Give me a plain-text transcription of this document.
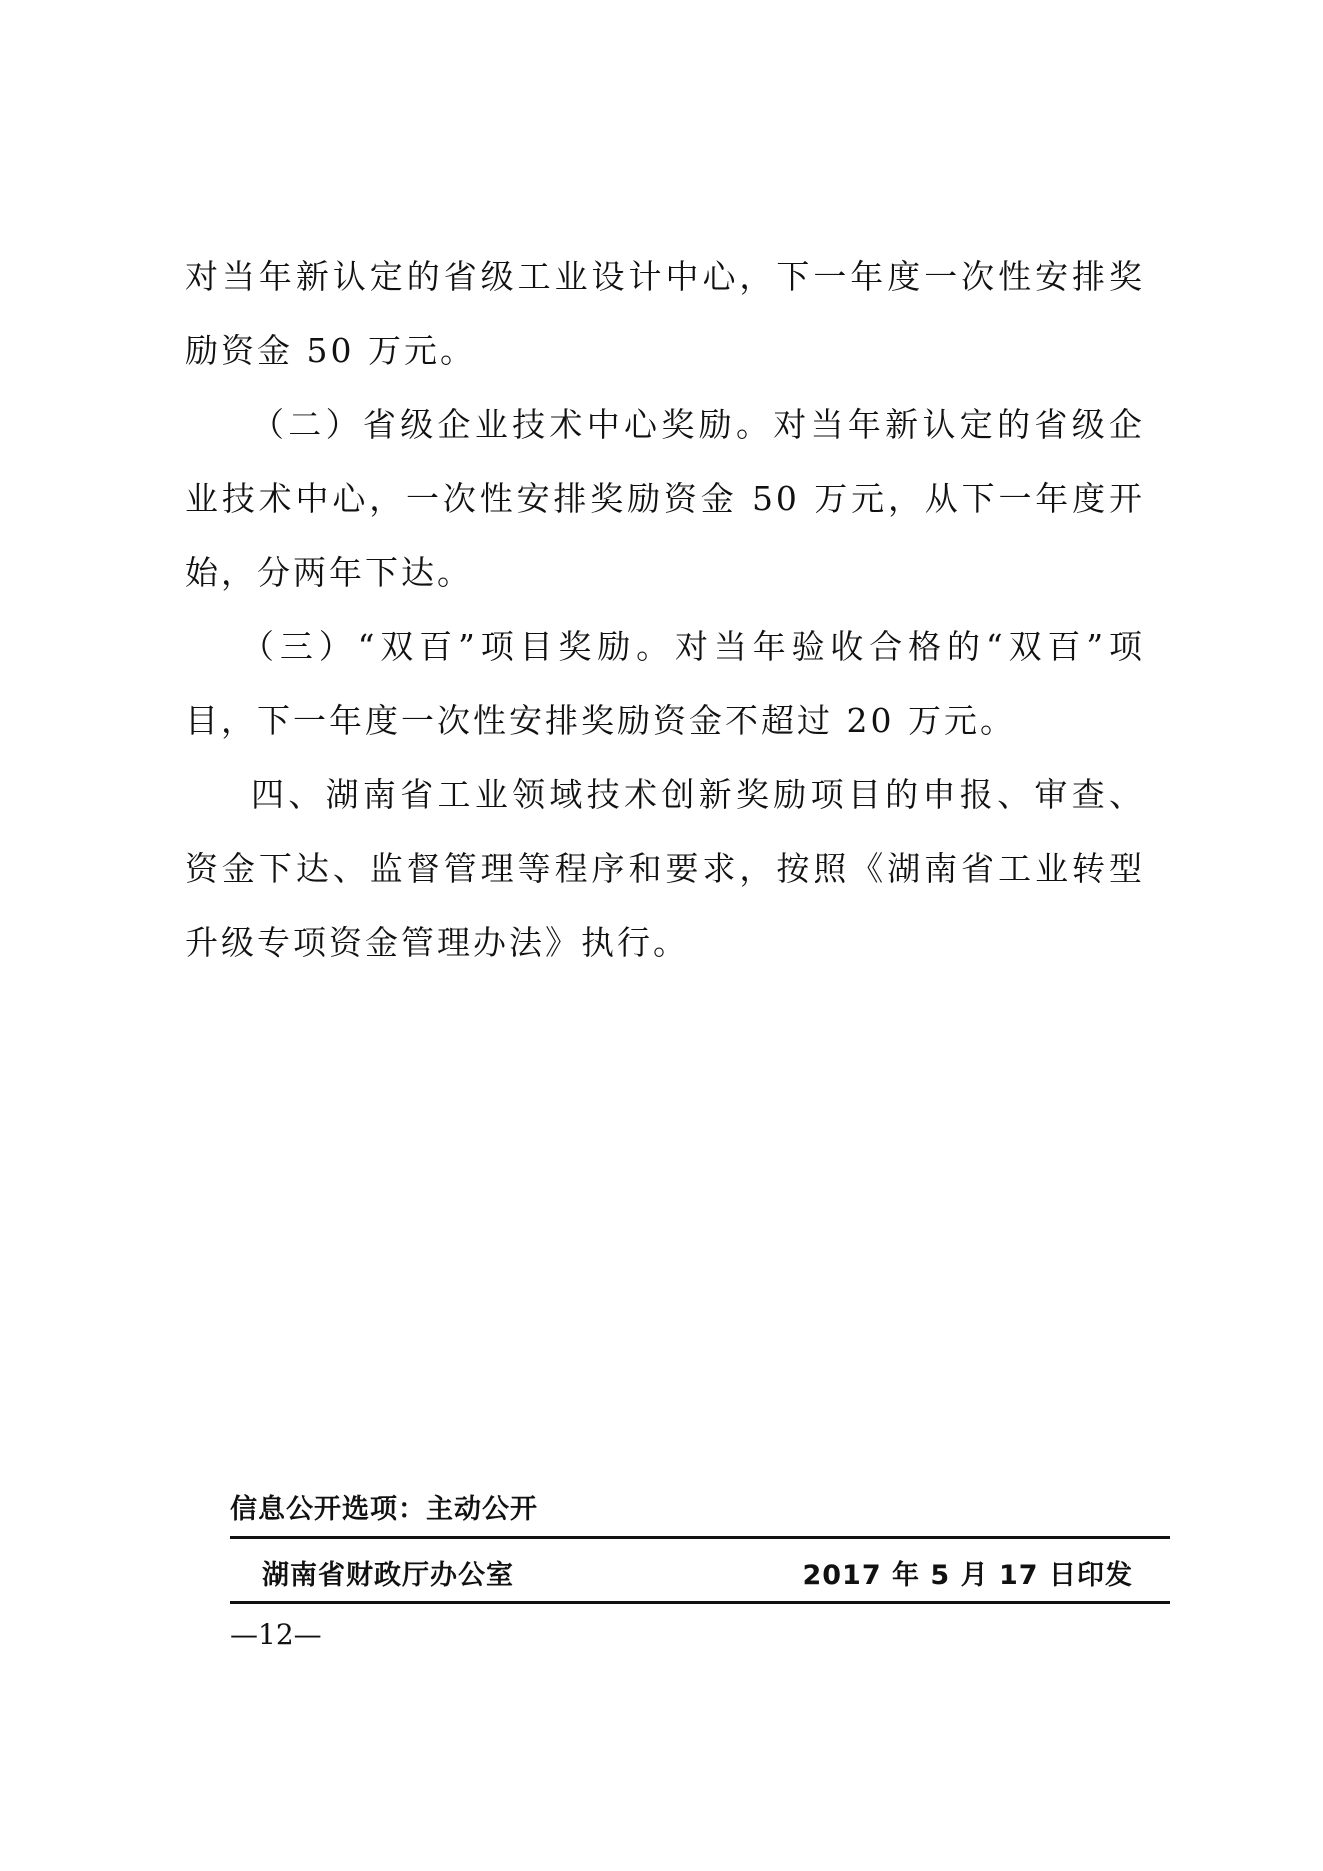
对当年新认定的省级工业设计中心，下一年度一次性安排奖励资金 50 万元。

（二）省级企业技术中心奖励。对当年新认定的省级企业技术中心，一次性安排奖励资金 50 万元，从下一年度开始，分两年下达。

（三）“双百”项目奖励。对当年验收合格的“双百”项目，下一年度一次性安排奖励资金不超过 20 万元。

四、湖南省工业领域技术创新奖励项目的申报、审查、资金下达、监督管理等程序和要求，按照《湖南省工业转型升级专项资金管理办法》执行。

信息公开选项：主动公开
湖南省财政厅办公室	2017 年 5 月 17 日印发
—12—
